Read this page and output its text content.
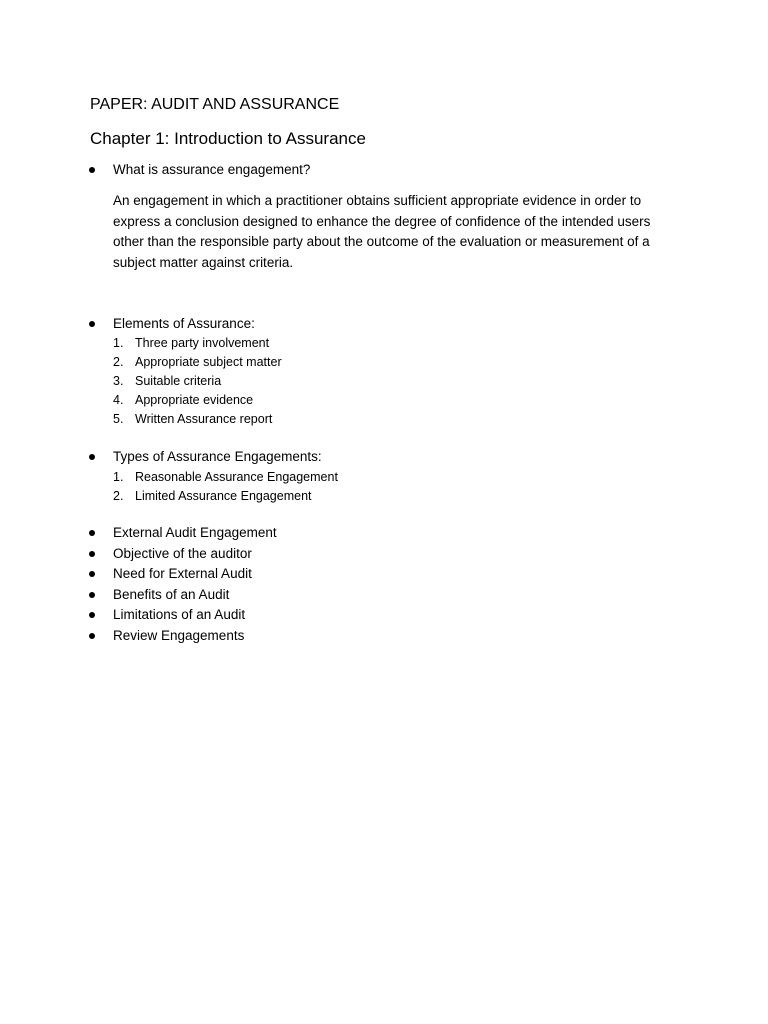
PAPER: AUDIT AND ASSURANCE
Chapter 1: Introduction to Assurance
What is assurance engagement?
An engagement in which a practitioner obtains sufficient appropriate evidence in order to
express a conclusion designed to enhance the degree of confidence of the intended users
other than the responsible party about the outcome of the evaluation or measurement of a
subject matter against criteria.
Elements of Assurance:
1. Three party involvement
2. Appropriate subject matter
3. Suitable criteria
4. Appropriate evidence
5. Written Assurance report
Types of Assurance Engagements:
1. Reasonable Assurance Engagement
2. Limited Assurance Engagement
External Audit Engagement
Objective of the auditor
Need for External Audit
Benefits of an Audit
Limitations of an Audit
Review Engagements
